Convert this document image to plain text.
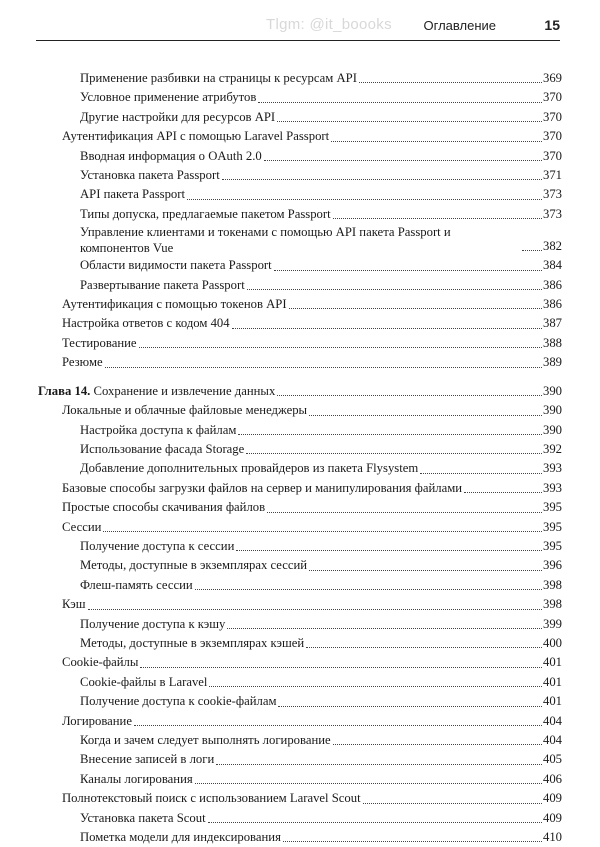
Tlgm: @it_boooks Оглавление	15
Применение разбивки на страницы к ресурсам API	369
Условное применение атрибутов	370
Другие настройки для ресурсов API	370
Аутентификация API с помощью Laravel Passport	370
Вводная информация о OAuth 2.0	370
Установка пакета Passport	371
API пакета Passport	373
Типы допуска, предлагаемые пакетом Passport	373
Управление клиентами и токенами с помощью API пакета Passport и компонентов Vue	382
Области видимости пакета Passport	384
Развертывание пакета Passport	386
Аутентификация с помощью токенов API	386
Настройка ответов с кодом 404	387
Тестирование	388
Резюме	389
Глава 14. Сохранение и извлечение данных	390
Локальные и облачные файловые менеджеры	390
Настройка доступа к файлам	390
Использование фасада Storage	392
Добавление дополнительных провайдеров из пакета Flysystem	393
Базовые способы загрузки файлов на сервер и манипулирования файлами	393
Простые способы скачивания файлов	395
Сессии	395
Получение доступа к сессии	395
Методы, доступные в экземплярах сессий	396
Флеш-память сессии	398
Кэш	398
Получение доступа к кэшу	399
Методы, доступные в экземплярах кэшей	400
Cookie-файлы	401
Cookie-файлы в Laravel	401
Получение доступа к cookie-файлам	401
Логирование	404
Когда и зачем следует выполнять логирование	404
Внесение записей в логи	405
Каналы логирования	406
Полнотекстовый поиск с использованием Laravel Scout	409
Установка пакета Scout	409
Пометка модели для индексирования	410
